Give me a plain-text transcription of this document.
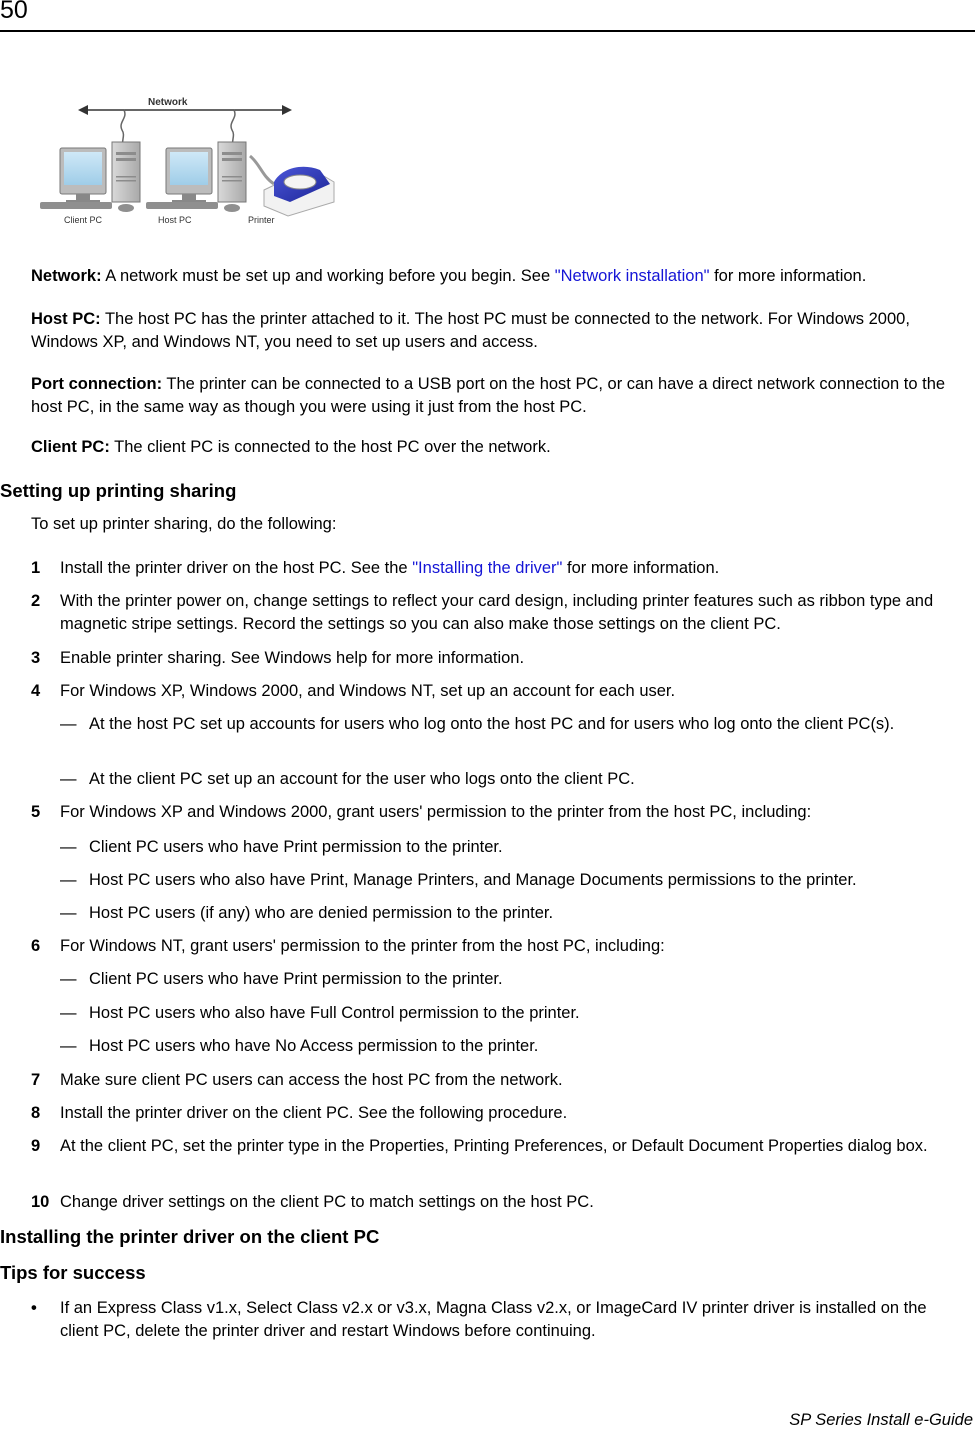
50
Network
Client PC	Host PC	Printer
Network: A network must be set up and working before you begin. See "Network installation" for more information.
Host PC: The host PC has the printer attached to it. The host PC must be connected to the network. For Windows 2000, Windows XP, and Windows NT, you need to set up users and access.
Port connection: The printer can be connected to a USB port on the host PC, or can have a direct network connection to the host PC, in the same way as though you were using it just from the host PC.
Client PC: The client PC is connected to the host PC over the network.
Setting up printing sharing
To set up printer sharing, do the following:
1 Install the printer driver on the host PC. See the "Installing the driver" for more information.
2 With the printer power on, change settings to reflect your card design, including printer features such as ribbon type and magnetic stripe settings. Record the settings so you can also make those settings on the client PC.
3 Enable printer sharing. See Windows help for more information.
4 For Windows XP, Windows 2000, and Windows NT, set up an account for each user.
— At the host PC set up accounts for users who log onto the host PC and for users who log onto the client PC(s).
— At the client PC set up an account for the user who logs onto the client PC.
5 For Windows XP and Windows 2000, grant users' permission to the printer from the host PC, including:
— Client PC users who have Print permission to the printer.
— Host PC users who also have Print, Manage Printers, and Manage Documents permissions to the printer.
— Host PC users (if any) who are denied permission to the printer.
6 For Windows NT, grant users' permission to the printer from the host PC, including:
— Client PC users who have Print permission to the printer.
— Host PC users who also have Full Control permission to the printer.
— Host PC users who have No Access permission to the printer.
7 Make sure client PC users can access the host PC from the network.
8 Install the printer driver on the client PC. See the following procedure.
9 At the client PC, set the printer type in the Properties, Printing Preferences, or Default Document Properties dialog box.
10 Change driver settings on the client PC to match settings on the host PC.
Installing the printer driver on the client PC
Tips for success
• If an Express Class v1.x, Select Class v2.x or v3.x, Magna Class v2.x, or ImageCard IV printer driver is installed on the client PC, delete the printer driver and restart Windows before continuing.
SP Series Install e-Guide
